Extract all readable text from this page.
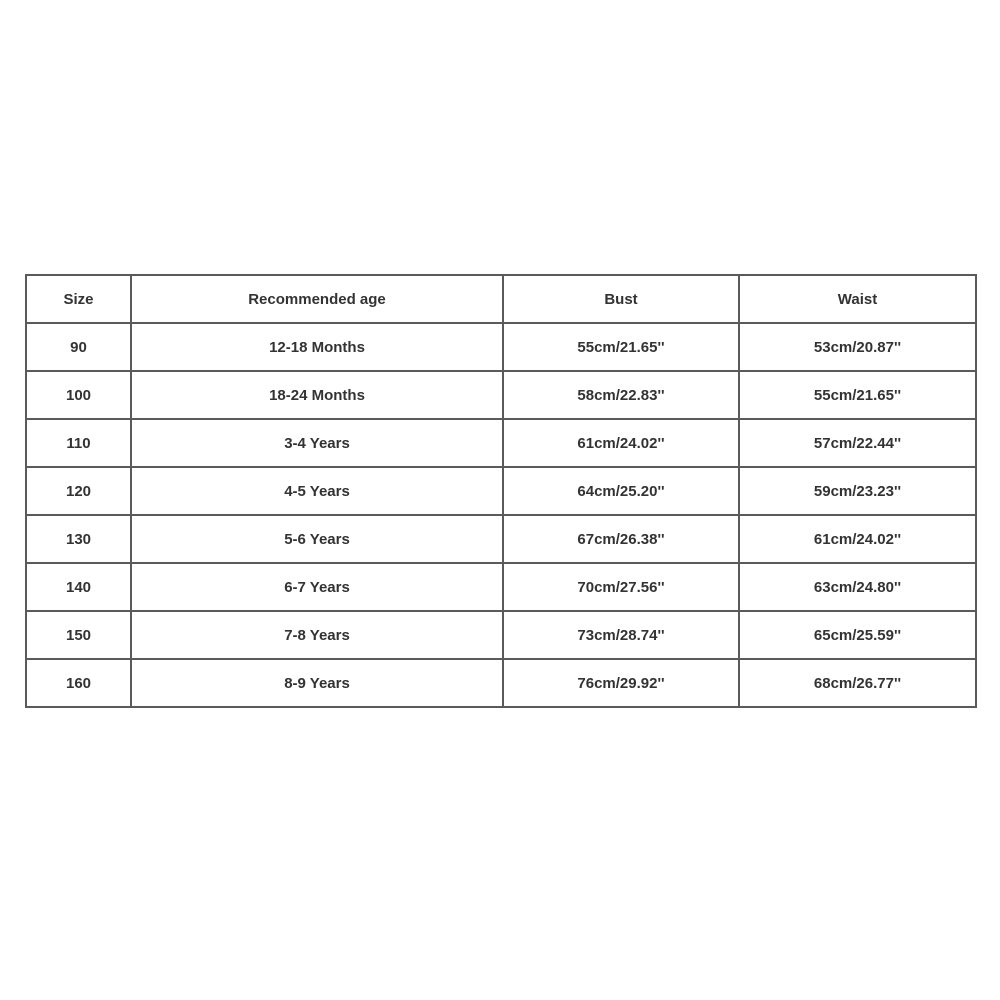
Size	Recommended age	Bust	Waist
90	12-18 Months	55cm/21.65''	53cm/20.87''
100	18-24 Months	58cm/22.83''	55cm/21.65''
110	3-4 Years	61cm/24.02''	57cm/22.44''
120	4-5 Years	64cm/25.20''	59cm/23.23''
130	5-6 Years	67cm/26.38''	61cm/24.02''
140	6-7 Years	70cm/27.56''	63cm/24.80''
150	7-8 Years	73cm/28.74''	65cm/25.59''
160	8-9 Years	76cm/29.92''	68cm/26.77''
